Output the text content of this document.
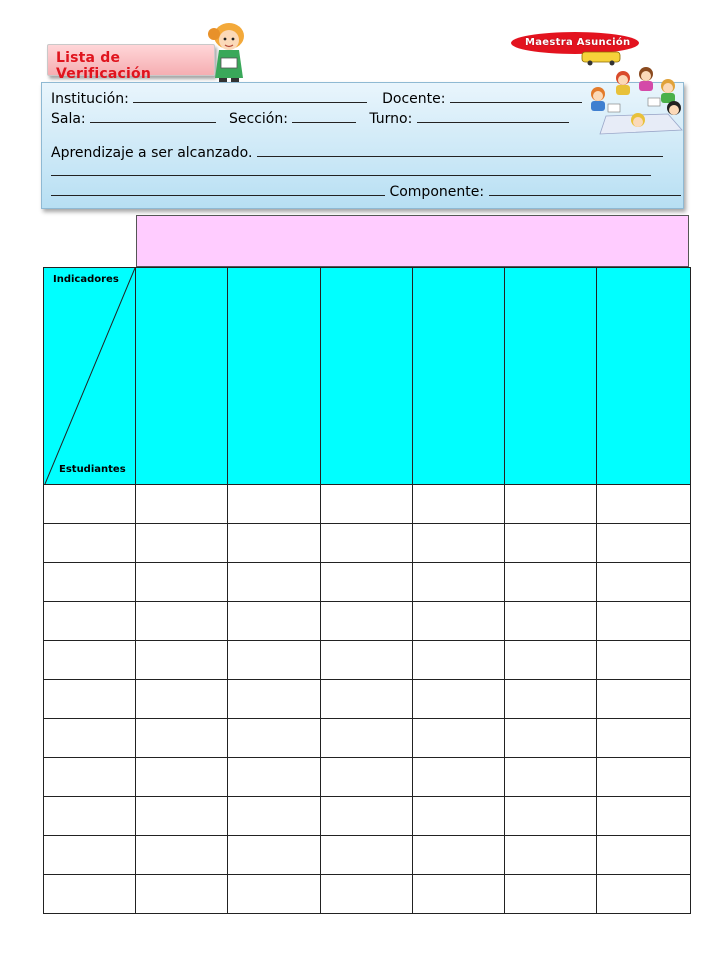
Lista de Verificación
Maestra Asunción
Institución:	Docente:
Sala:	Sección:	Turno:
Aprendizaje a ser alcanzado.
Componente:
Indicadores
Estudiantes						
